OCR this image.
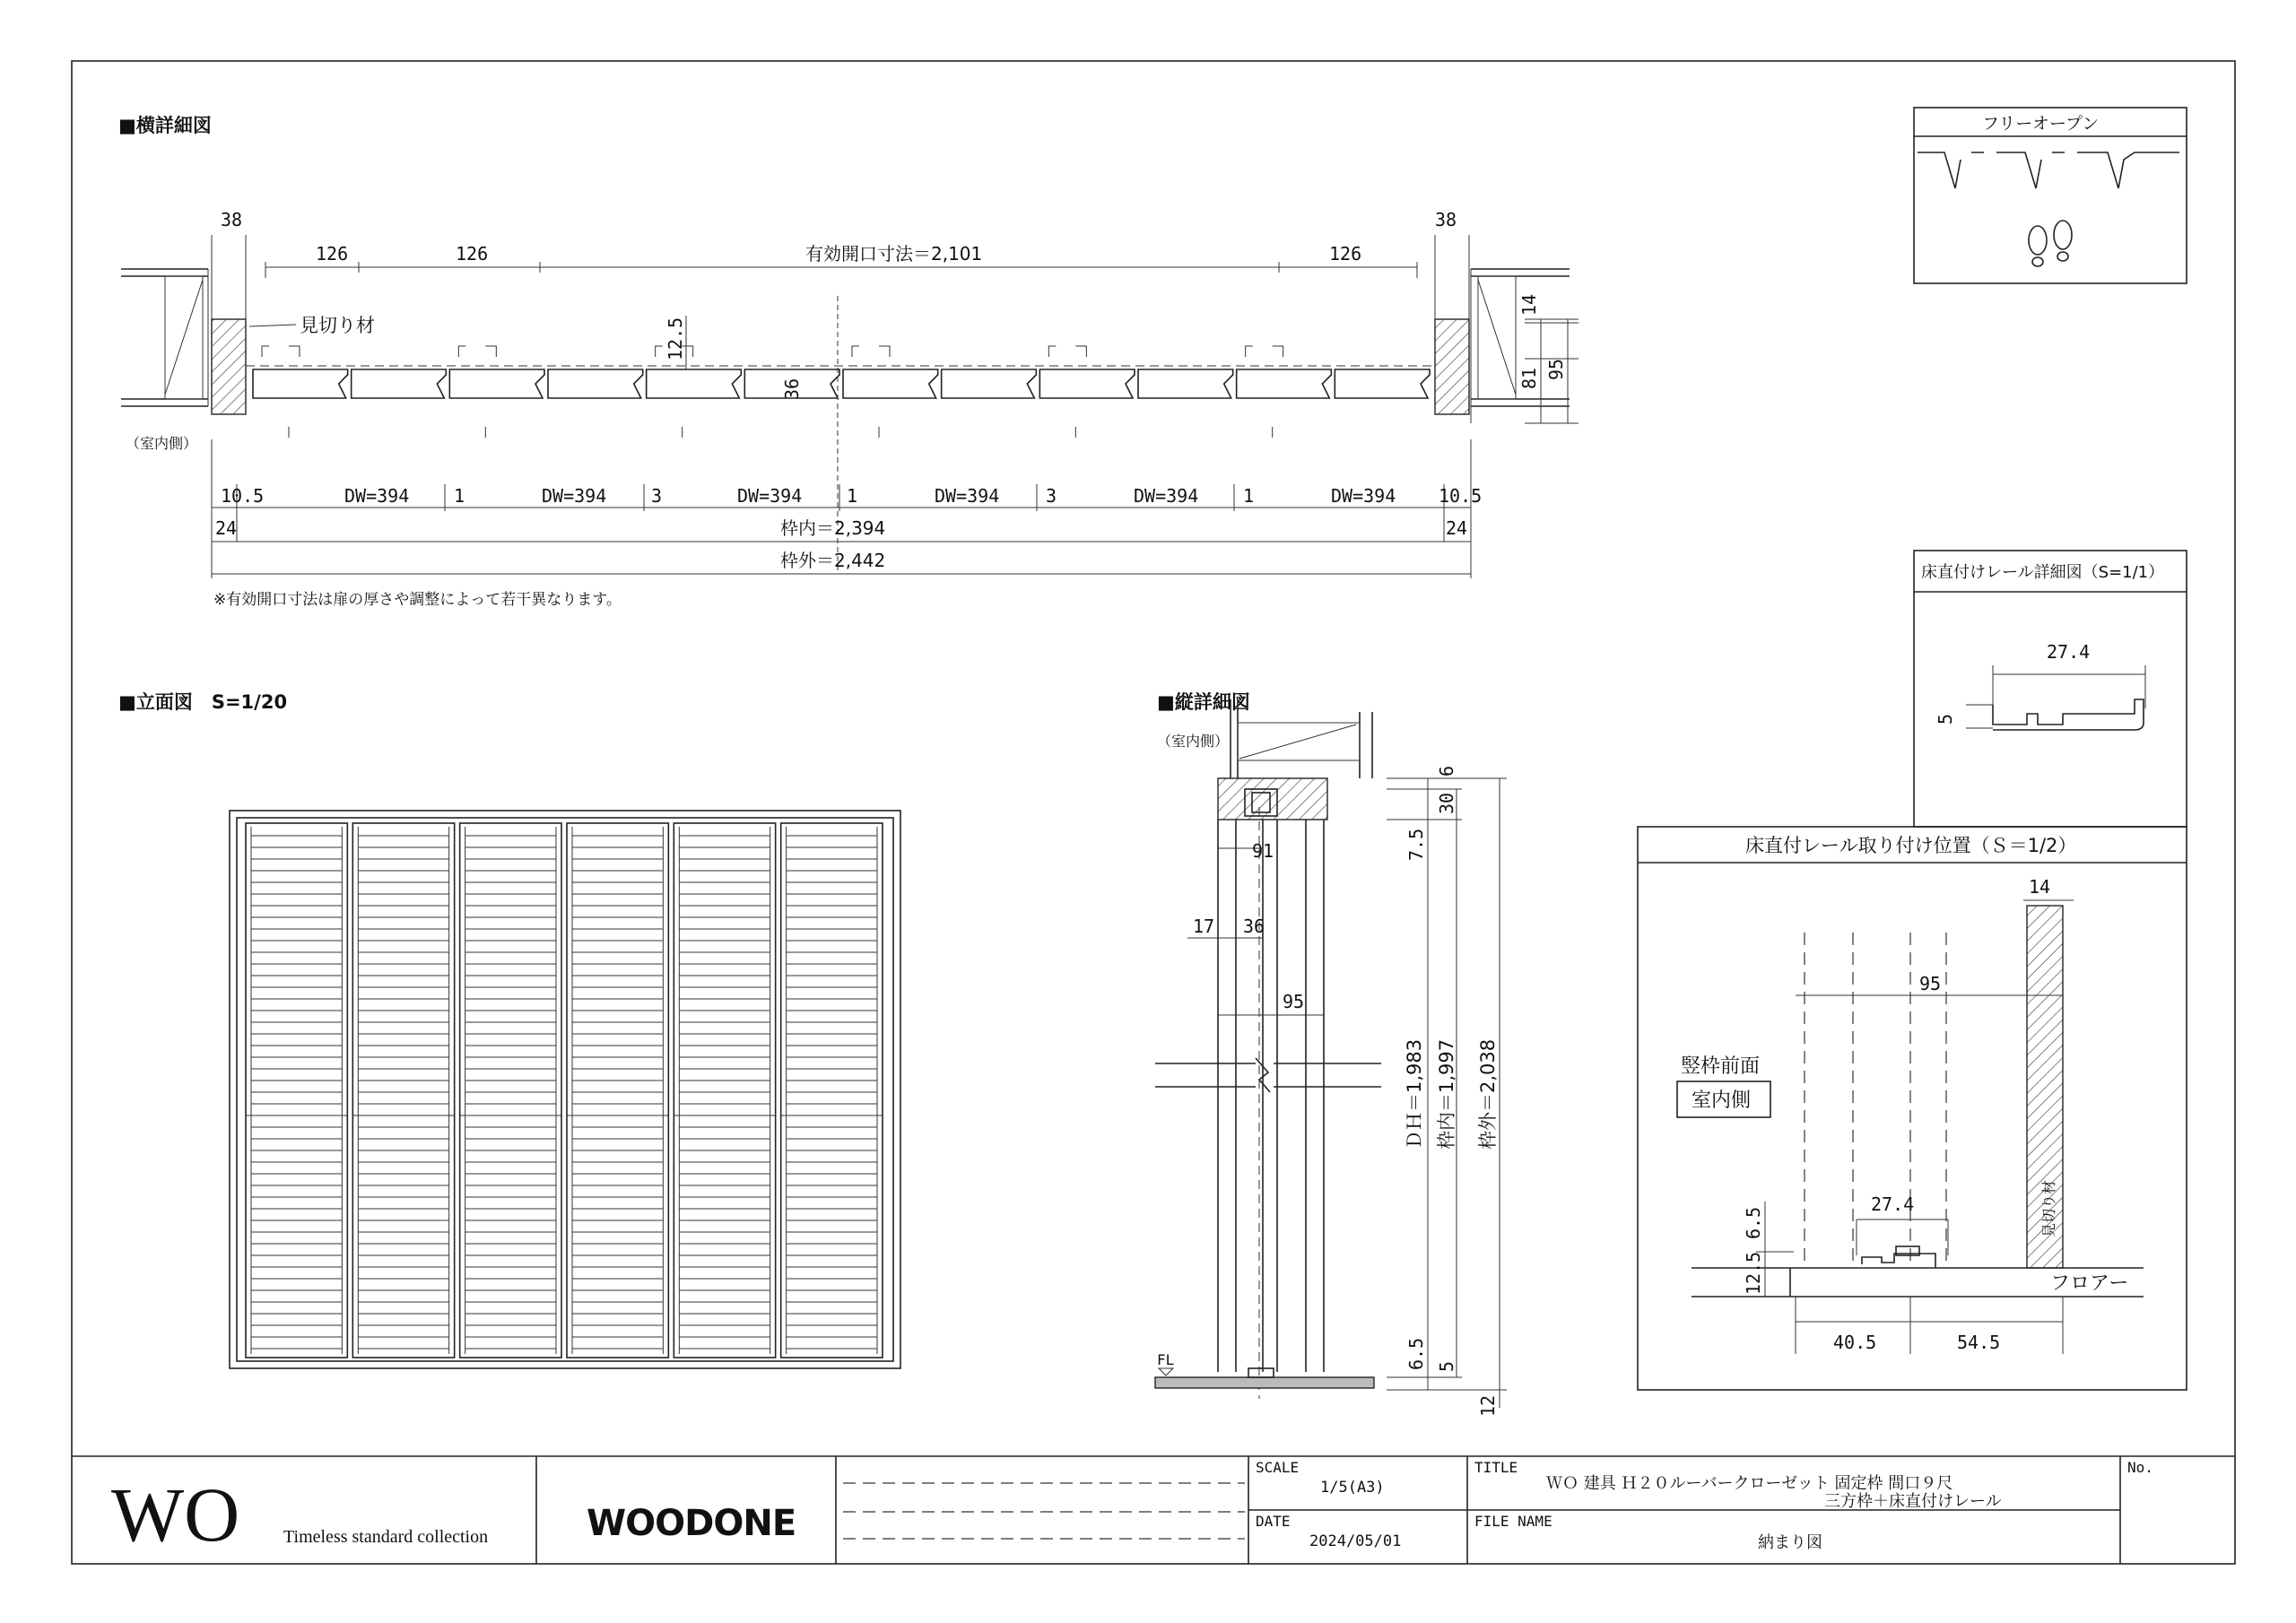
■横詳細図
38	38
126	126	有効開口寸法＝2,101	126
見切り材	12.5
36
14
81 95
（室内側）
10.5	DW=394 1	DW=394 3	DW=394 1	DW=394	3	DW=394 1	DW=394 10.5
24	24
枠内＝2,394
枠外＝2,442
※有効開口寸法は扉の厚さや調整によって若干異なります。
フリーオープン
■立面図　S=1/20	■縦詳細図
（室内側）
FL
91
17 36
95
6
30
7.5
ＤＨ＝1,983 枠内＝1,997 枠外＝2,038
6.5 5
12
床直付けレール詳細図（S=1/1）
27.4
5
床直付レール取り付け位置（Ｓ＝1/2）
14
95
竪枠前面
室内側
見切り材
27.4
6.5
12.5	フロアー
40.5	54.5
WO Timeless standard collection	WOODONE
SCALE
1/5(A3)
DATE
2024/05/01
TITLE
ＷＯ 建具 Ｈ２０ルーバークローゼット 固定枠 間口９尺
三方枠＋床直付けレール
FILE NAME
納まり図
No.
